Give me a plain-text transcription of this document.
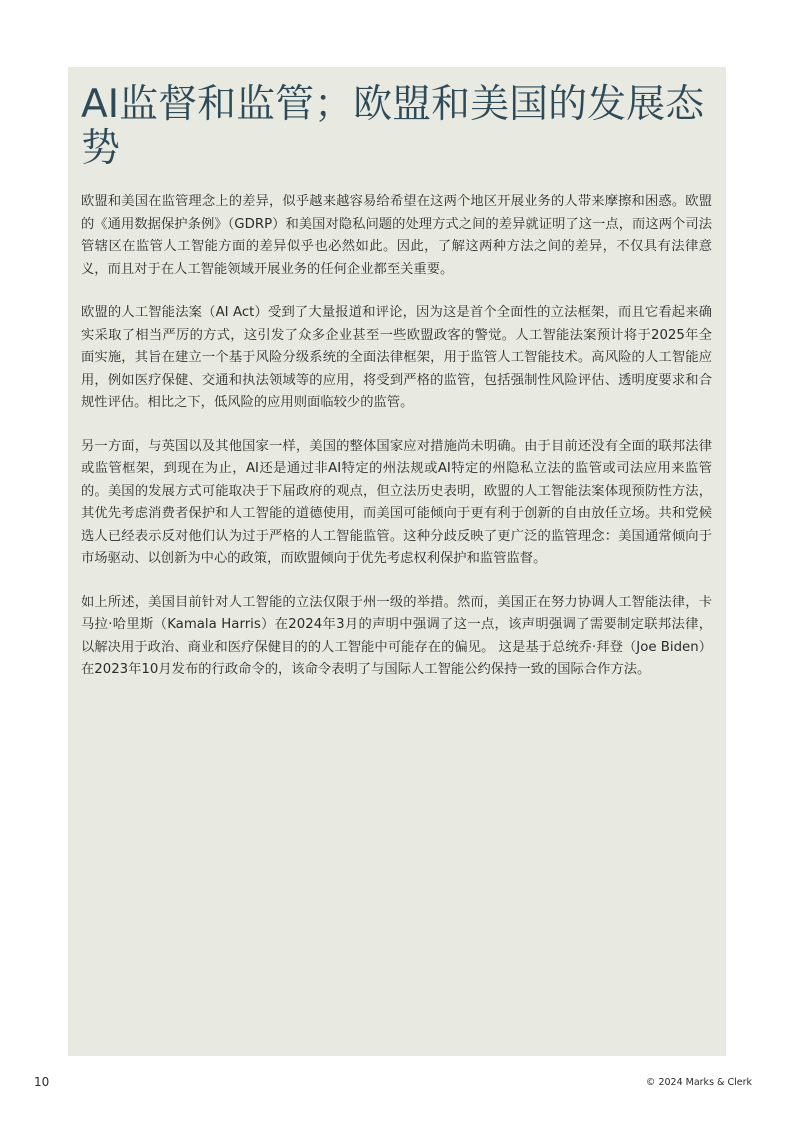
AI监督和监管；欧盟和美国的发展态势

欧盟和美国在监管理念上的差异，似乎越来越容易给希望在这两个地区开展业务的人带来摩擦和困惑。欧盟的《通用数据保护条例》（GDRP）和美国对隐私问题的处理方式之间的差异就证明了这一点，而这两个司法管辖区在监管人工智能方面的差异似乎也必然如此。因此，了解这两种方法之间的差异，不仅具有法律意义，而且对于在人工智能领域开展业务的任何企业都至关重要。

欧盟的人工智能法案（AI Act）受到了大量报道和评论，因为这是首个全面性的立法框架，而且它看起来确实采取了相当严厉的方式，这引发了众多企业甚至一些欧盟政客的警觉。人工智能法案预计将于2025年全面实施，其旨在建立一个基于风险分级系统的全面法律框架，用于监管人工智能技术。高风险的人工智能应用，例如医疗保健、交通和执法领域等的应用，将受到严格的监管，包括强制性风险评估、透明度要求和合规性评估。相比之下，低风险的应用则面临较少的监管。

另一方面，与英国以及其他国家一样，美国的整体国家应对措施尚未明确。由于目前还没有全面的联邦法律或监管框架，到现在为止，AI还是通过非AI特定的州法规或AI特定的州隐私立法的监管或司法应用来监管的。美国的发展方式可能取决于下届政府的观点，但立法历史表明，欧盟的人工智能法案体现预防性方法，其优先考虑消费者保护和人工智能的道德使用，而美国可能倾向于更有利于创新的自由放任立场。共和党候选人已经表示反对他们认为过于严格的人工智能监管。这种分歧反映了更广泛的监管理念：美国通常倾向于市场驱动、以创新为中心的政策，而欧盟倾向于优先考虑权利保护和监管监督。

如上所述，美国目前针对人工智能的立法仅限于州一级的举措。然而，美国正在努力协调人工智能法律，卡马拉·哈里斯（Kamala Harris）在2024年3月的声明中强调了这一点，该声明强调了需要制定联邦法律，以解决用于政治、商业和医疗保健目的的人工智能中可能存在的偏见。 这是基于总统乔·拜登（Joe Biden）在2023年10月发布的行政命令的，该命令表明了与国际人工智能公约保持一致的国际合作方法。

10	© 2024 Marks & Clerk
